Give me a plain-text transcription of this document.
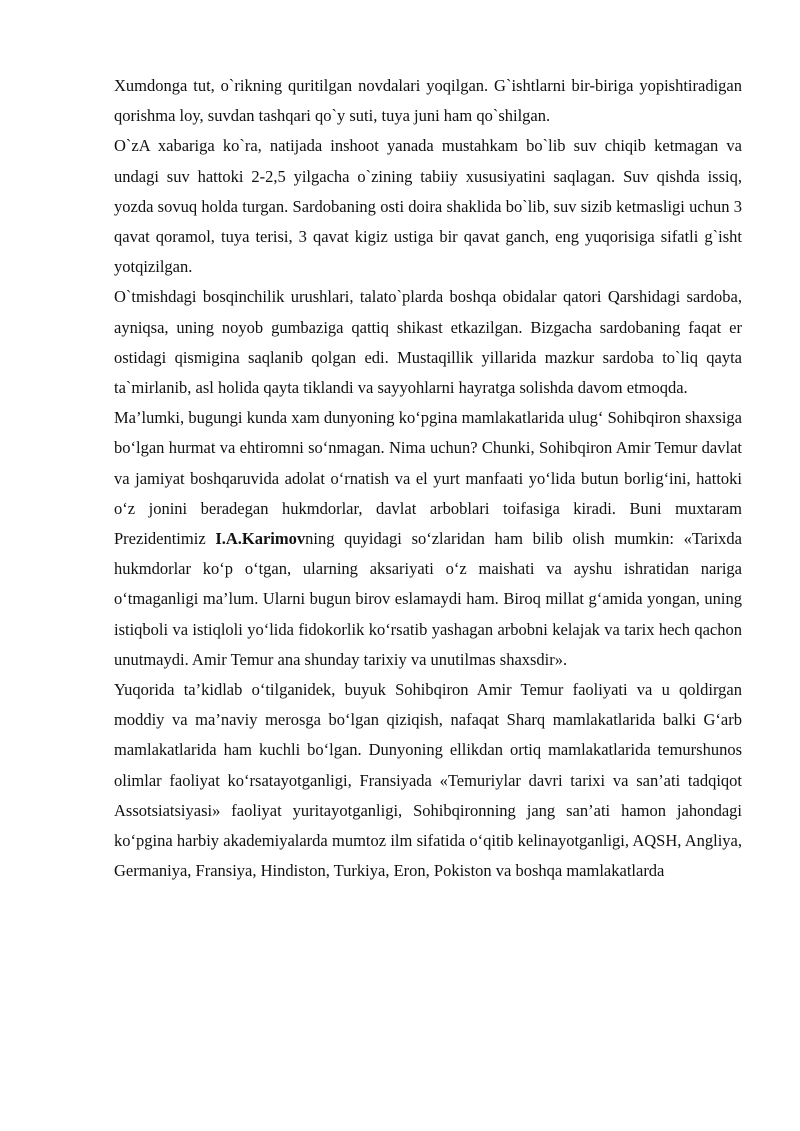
Xumdonga tut, o`rikning quritilgan novdalari yoqilgan. G`ishtlarni bir-biriga yopishtiradigan qorishma loy, suvdan tashqari qo`y suti, tuya juni ham qo`shilgan.

O`zA xabariga ko`ra, natijada inshoot yanada mustahkam bo`lib suv chiqib ketmagan va undagi suv hattoki 2-2,5 yilgacha o`zining tabiiy xususiyatini saqlagan. Suv qishda issiq, yozda sovuq holda turgan. Sardobaning osti doira shaklida bo`lib, suv sizib ketmasligi uchun 3 qavat qoramol, tuya terisi, 3 qavat kigiz ustiga bir qavat ganch, eng yuqorisiga sifatli g`isht yotqizilgan.

O`tmishdagi bosqinchilik urushlari, talato`plarda boshqa obidalar qatori Qarshidagi sardoba, ayniqsa, uning noyob gumbaziga qattiq shikast etkazilgan. Bizgacha sardobaning faqat er ostidagi qismigina saqlanib qolgan edi. Mustaqillik yillarida mazkur sardoba to`liq qayta ta`mirlanib, asl holida qayta tiklandi va sayyohlarni hayratga solishda davom etmoqda.

Ma’lumki, bugungi kunda xam dunyoning ko‘pgina mamlakatlarida ulug‘ Sohibqiron shaxsiga bo‘lgan hurmat va ehtiromni so‘nmagan. Nima uchun? Chunki, Sohibqiron Amir Temur davlat va jamiyat boshqaruvida adolat o‘rnatish va el yurt manfaati yo‘lida butun borlig‘ini, hattoki o‘z jonini beradegan hukmdorlar, davlat arboblari toifasiga kiradi. Buni muxtaram Prezidentimiz I.A.Karimovning quyidagi so‘zlaridan ham bilib olish mumkin: «Tarixda hukmdorlar ko‘p o‘tgan, ularning aksariyati o‘z maishati va ayshu ishratidan nariga o‘tmaganligi ma’lum. Ularni bugun birov eslamaydi ham. Biroq millat g‘amida yongan, uning istiqboli va istiqloli yo‘lida fidokorlik ko‘rsatib yashagan arbobni kelajak va tarix hech qachon unutmaydi. Amir Temur ana shunday tarixiy va unutilmas shaxsdir».

Yuqorida ta’kidlab o‘tilganidek, buyuk Sohibqiron Amir Temur faoliyati va u qoldirgan moddiy va ma’naviy merosga bo‘lgan qiziqish, nafaqat Sharq mamlakatlarida balki G‘arb mamlakatlarida ham kuchli bo‘lgan. Dunyoning ellikdan ortiq mamlakatlarida temurshunos olimlar faoliyat ko‘rsatayotganligi, Fransiyada «Temuriylar davri tarixi va san’ati tadqiqot Assotsiatsiyasi» faoliyat yuritayotganligi, Sohibqironning jang san’ati hamon jahondagi ko‘pgina harbiy akademiyalarda mumtoz ilm sifatida o‘qitib kelinayotganligi, AQSH, Angliya, Germaniya, Fransiya, Hindiston, Turkiya, Eron, Pokiston va boshqa mamlakatlarda
